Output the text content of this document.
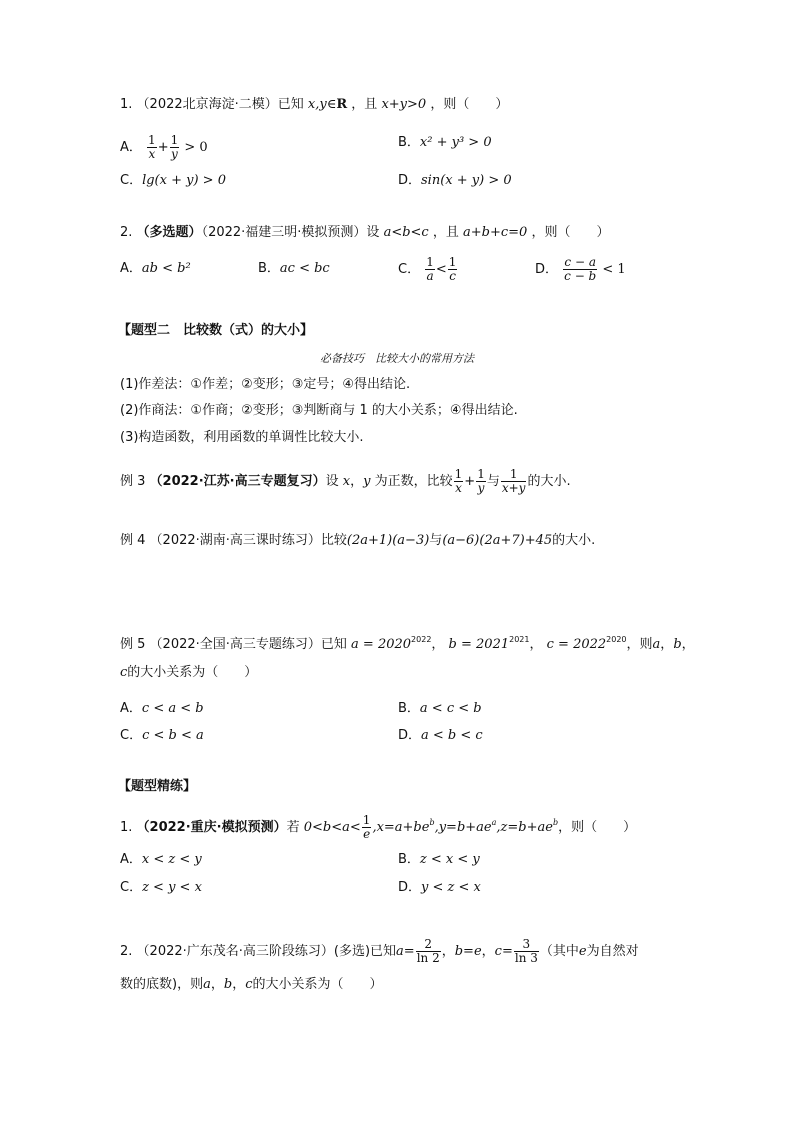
1. （2022北京海淀·二模）已知 x,y∈R ，且 x+y>0 ，则（　　）
A． $\frac{1}{x} + \frac{1}{y} > 0$	B．x² + y³ > 0
C．lg(x + y) > 0	D．sin(x + y) > 0
2. （多选题）（2022·福建三明·模拟预测）设 a<b<c ，且 a+b+c=0 ，则（　　）
A．ab < b²	B．ac < bc	C． $\frac{1}{a} < \frac{1}{c}$	D． $\frac{c - a}{c - b} < 1$
【题型二　比较数（式）的大小】
必备技巧　比较大小的常用方法
(1)作差法：①作差；②变形；③定号；④得出结论.
(2)作商法：①作商；②变形；③判断商与 1 的大小关系；④得出结论.
(3)构造函数，利用函数的单调性比较大小.
例 3 （2022·江苏·高三专题复习）设 x，y 为正数，比较 $\frac{1}{x} + \frac{1}{y}$ 与 $\frac{1}{x+y}$ 的大小.
例 4 （2022·湖南·高三课时练习）比较(2a+1)(a−3)与(a−6)(2a+7)+45的大小.
例 5 （2022·全国·高三专题练习）已知 $a = 2020^{2022}$， $b = 2021^{2021}$， $c = 2022^{2020}$，则a，b，
c的大小关系为（　　）
A．c < a < b	B．a < c < b
C．c < b < a	D．a < b < c
【题型精练】
1. （2022·重庆·模拟预测）若 $0<b<a< \frac{1}{e} ,x=a+be^b,y=b+ae^a,z=b+ae^b$，则（　　）
A．x < z < y	B．z < x < y
C．z < y < x	D．y < z < x
2. （2022·广东茂名·高三阶段练习）(多选)已知$a= \frac{2}{\ln 2}$ ，b=e，$c= \frac{3}{\ln 3}$ （其中e为自然对
数的底数)，则a，b，c的大小关系为（　　）
